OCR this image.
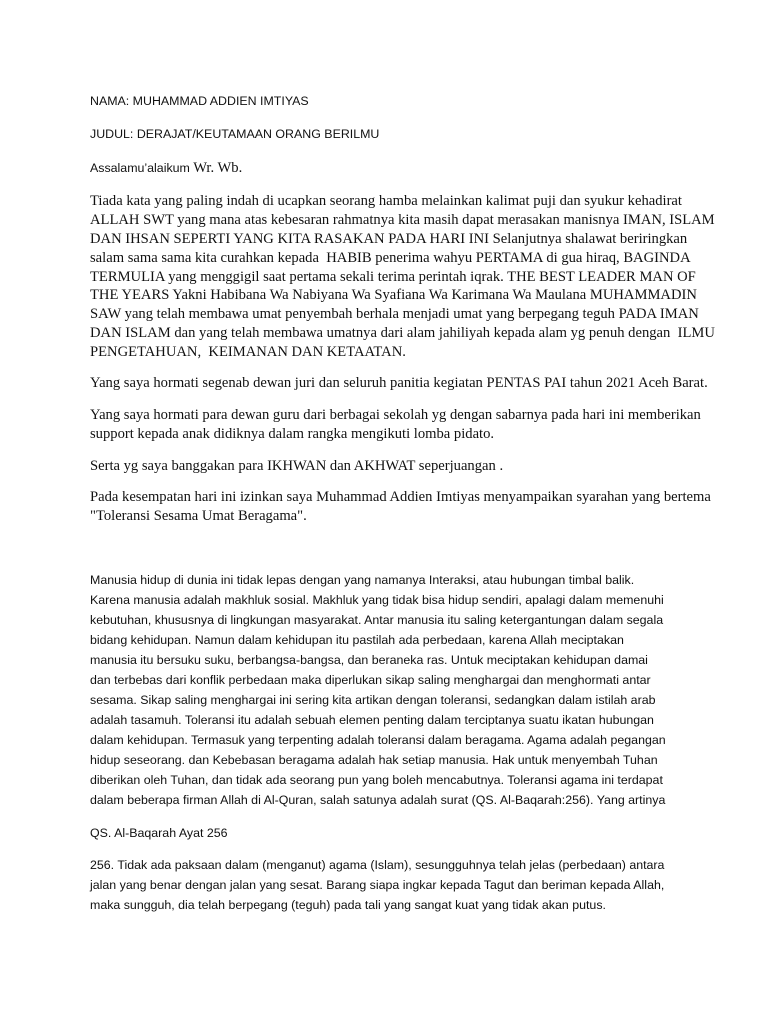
NAMA: MUHAMMAD ADDIEN IMTIYAS

JUDUL: DERAJAT/KEUTAMAAN ORANG BERILMU

Assalamu’alaikum Wr. Wb.

Tiada kata yang paling indah di ucapkan seorang hamba melainkan kalimat puji dan syukur kehadirat

ALLAH SWT yang mana atas kebesaran rahmatnya kita masih dapat merasakan manisnya IMAN, ISLAM

DAN IHSAN SEPERTI YANG KITA RASAKAN PADA HARI INI Selanjutnya shalawat beriringkan

salam sama sama kita curahkan kepada  HABIB penerima wahyu PERTAMA di gua hiraq, BAGINDA

TERMULIA yang menggigil saat pertama sekali terima perintah iqrak. THE BEST LEADER MAN OF

THE YEARS Yakni Habibana Wa Nabiyana Wa Syafiana Wa Karimana Wa Maulana MUHAMMADIN

SAW yang telah membawa umat penyembah berhala menjadi umat yang berpegang teguh PADA IMAN

DAN ISLAM dan yang telah membawa umatnya dari alam jahiliyah kepada alam yg penuh dengan  ILMU

PENGETAHUAN,  KEIMANAN DAN KETAATAN.

Yang saya hormati segenab dewan juri dan seluruh panitia kegiatan PENTAS PAI tahun 2021 Aceh Barat.

Yang saya hormati para dewan guru dari berbagai sekolah yg dengan sabarnya pada hari ini memberikan

support kepada anak didiknya dalam rangka mengikuti lomba pidato.

Serta yg saya banggakan para IKHWAN dan AKHWAT seperjuangan .

Pada kesempatan hari ini izinkan saya Muhammad Addien Imtiyas menyampaikan syarahan yang bertema

"Toleransi Sesama Umat Beragama".

Manusia hidup di dunia ini tidak lepas dengan yang namanya Interaksi, atau hubungan timbal balik.

Karena manusia adalah makhluk sosial. Makhluk yang tidak bisa hidup sendiri, apalagi dalam memenuhi

kebutuhan, khususnya di lingkungan masyarakat. Antar manusia itu saling ketergantungan dalam segala

bidang kehidupan. Namun dalam kehidupan itu pastilah ada perbedaan, karena Allah meciptakan

manusia itu bersuku suku, berbangsa-bangsa, dan beraneka ras. Untuk meciptakan kehidupan damai

dan terbebas dari konflik perbedaan maka diperlukan sikap saling menghargai dan menghormati antar

sesama. Sikap saling menghargai ini sering kita artikan dengan toleransi, sedangkan dalam istilah arab

adalah tasamuh. Toleransi itu adalah sebuah elemen penting dalam terciptanya suatu ikatan hubungan

dalam kehidupan. Termasuk yang terpenting adalah toleransi dalam beragama. Agama adalah pegangan

hidup seseorang. dan Kebebasan beragama adalah hak setiap manusia. Hak untuk menyembah Tuhan

diberikan oleh Tuhan, dan tidak ada seorang pun yang boleh mencabutnya. Toleransi agama ini terdapat

dalam beberapa firman Allah di Al-Quran, salah satunya adalah surat (QS. Al-Baqarah:256). Yang artinya

QS. Al-Baqarah Ayat 256

256. Tidak ada paksaan dalam (menganut) agama (Islam), sesungguhnya telah jelas (perbedaan) antara

jalan yang benar dengan jalan yang sesat. Barang siapa ingkar kepada Tagut dan beriman kepada Allah,

maka sungguh, dia telah berpegang (teguh) pada tali yang sangat kuat yang tidak akan putus.
